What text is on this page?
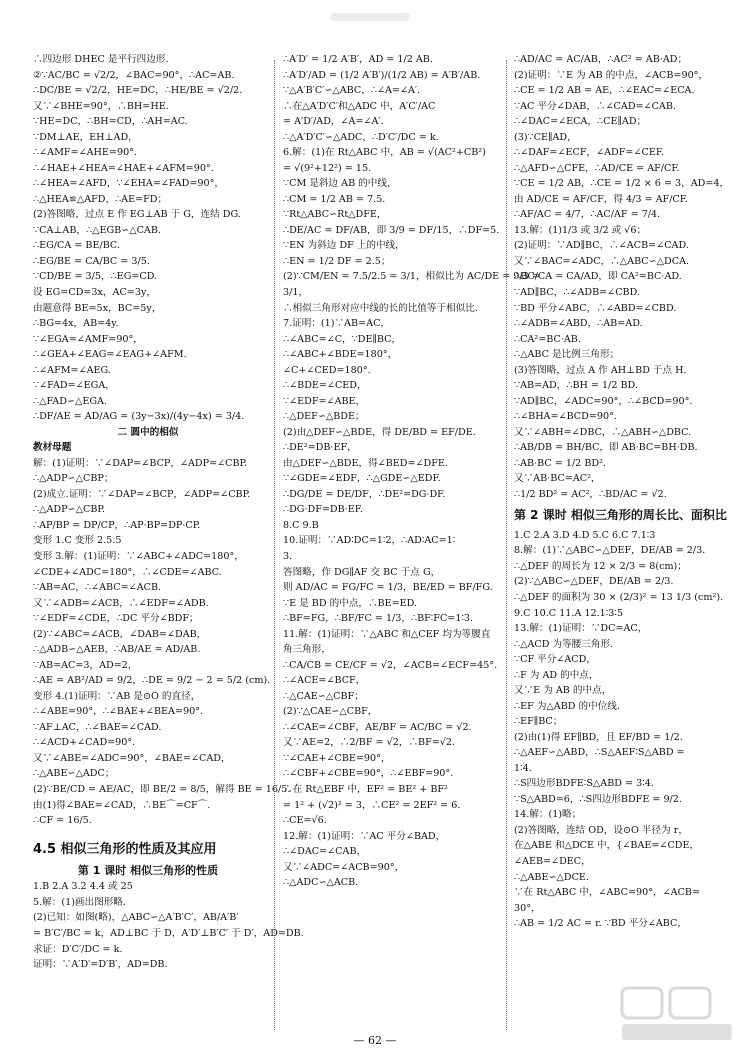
∴四边形 DHEC 是平行四边形.
②∵AC/BC = √2/2，∠BAC=90°，∴AC=AB.
∴DC/BE = √2/2，HE=DC，∴HE/BE = √2/2.
又∵∠BHE=90°，∴BH=HE.
∵HE=DC，∴BH=CD，∴AH=AC.
∵DM⊥AE，EH⊥AD，
∴∠AMF=∠AHE=90°.
∴∠HAE+∠HEA=∠HAE+∠AFM=90°.
∴∠HEA=∠AFD，∵∠EHA=∠FAD=90°，
∴△HEA≌△AFD，∴AE=FD；
(2)答图略，过点 E 作 EG⊥AB 于 G，连结 DG.
∵CA⊥AB，∴△EGB∽△CAB.
∴EG/CA = BE/BC.
∴EG/BE = CA/BC = 3/5.
∵CD/BE = 3/5，∴EG=CD.
设 EG=CD=3x，AC=3y，
由题意得 BE=5x，BC=5y，
∴BG=4x，AB=4y.
∵∠EGA=∠AMF=90°，
∴∠GEA+∠EAG=∠EAG+∠AFM.
∴∠AFM=∠AEG.
∵∠FAD=∠EGA，
∴△FAD∽△EGA.
∴DF/AE = AD/AG = (3y−3x)/(4y−4x) = 3/4.
二 圆中的相似
教材母题
解：(1)证明：∵∠DAP=∠BCP，∠ADP=∠CBP.
∴△ADP∽△CBP；
(2)成立.证明：∵∠DAP=∠BCP，∠ADP=∠CBP.
∴△ADP∽△CBP.
∴AP/BP = DP/CP，∴AP·BP=DP·CP.
变形 1.C 变形 2.5.5
变形 3.解：(1)证明：∵∠ABC+∠ADC=180°，
∠CDE+∠ADC=180°，∴∠CDE=∠ABC.
∵AB=AC，∴∠ABC=∠ACB.
又∵∠ADB=∠ACB，∴∠EDF=∠ADB.
∵∠EDF=∠CDE，∴DC 平分∠BDF；
(2)∵∠ABC=∠ACB，∠DAB=∠DAB，
∴△ADB∽△AEB，∴AB/AE = AD/AB.
∵AB=AC=3，AD=2，
∴AE = AB²/AD = 9/2，∴DE = 9/2 − 2 = 5/2 (cm).
变形 4.(1)证明：∵AB 是⊙O 的直径，
∴∠ABE=90°，∴∠BAE+∠BEA=90°.
∵AF⊥AC，∴∠BAE=∠CAD.
∴∠ACD+∠CAD=90°.
又∵∠ABE=∠ADC=90°，∠BAE=∠CAD，
∴△ABE∽△ADC；
(2)∵BE/CD = AE/AC，即 BE/2 = 8/5，解得 BE = 16/5.
由(1)得∠BAE=∠CAD，∴BE⌒=CF⌒.
∴CF = 16/5.
4.5 相似三角形的性质及其应用
第 1 课时 相似三角形的性质
1.B 2.A 3.2 4.4 或 25
5.解：(1)画出图形略.
(2)已知：如图(略)，△ABC∽△A′B′C′，AB/A′B′
= B′C′/BC = k，AD⊥BC 于 D，A′D′⊥B′C′ 于 D′，AD=DB.
求证：D′C′/DC = k.
证明：∵A′D′=D′B′，AD=DB.
∴A′D′ = 1/2 A′B′，AD = 1/2 AB.
∴A′D′/AD = (1/2 A′B′)/(1/2 AB) = A′B′/AB.
∵△A′B′C′∽△ABC，∴∠A=∠A′.
∴在△A′D′C′和△ADC 中，A′C′/AC
= A′D′/AD，∠A=∠A′.
∴△A′D′C′∽△ADC，∴D′C′/DC = k.
6.解：(1)在 Rt△ABC 中，AB = √(AC²+CB²)
= √(9²+12²) = 15.
∵CM 是斜边 AB 的中线，
∴CM = 1/2 AB = 7.5.
∵Rt△ABC∽Rt△DFE，
∴DE/AC = DF/AB，即 3/9 = DF/15，∴DF=5.
∵EN 为斜边 DF 上的中线，
∴EN = 1/2 DF = 2.5；
(2)∵CM/EN = 7.5/2.5 = 3/1，相似比为 AC/DE = 9/3 =
3/1，
∴相似三角形对应中线的长的比值等于相似比.
7.证明：(1)∵AB=AC，
∴∠ABC=∠C，∵DE∥BC，
∴∠ABC+∠BDE=180°，
∠C+∠CED=180°.
∴∠BDE=∠CED，
∵∠EDF=∠ABE，
∴△DEF∽△BDE；
(2)由△DEF∽△BDE，得 DE/BD = EF/DE.
∴DE²=DB·EF，
由△DEF∽△BDE，得∠BED=∠DFE.
∵∠GDE=∠EDF，∴△GDE∽△EDF.
∴DG/DE = DE/DF，∴DE²=DG·DF.
∴DG·DF=DB·EF.
8.C 9.B
10.证明：∵AD∶DC=1∶2，∴AD∶AC=1∶
3.
答图略，作 DG∥AF 交 BC 于点 G，
则 AD/AC = FG/FC = 1/3，BE/ED = BF/FG.
∵E 是 BD 的中点，∴BE=ED.
∴BF=FG，∴BF/FC = 1/3，∴BF∶FC=1∶3.
11.解：(1)证明：∵△ABC 和△CEF 均为等腰直
角三角形，
∴CA/CB = CE/CF = √2，∠ACB=∠ECF=45°.
∴∠ACE=∠BCF，
∴△CAE∽△CBF；
(2)∵△CAE∽△CBF，
∴∠CAE=∠CBF，AE/BF = AC/BC = √2.
又∵AE=2，∴2/BF = √2，∴BF=√2.
∵∠CAE+∠CBE=90°，
∴∠CBF+∠CBE=90°，∴∠EBF=90°.
∴在 Rt△EBF 中，EF² = BE² + BF²
= 1² + (√2)² = 3，∴CE² = 2EF² = 6.
∴CE=√6.
12.解：(1)证明：∵AC 平分∠BAD，
∴∠DAC=∠CAB，
又∵∠ADC=∠ACB=90°，
∴△ADC∽△ACB.
∴AD/AC = AC/AB，∴AC² = AB·AD；
(2)证明：∵E 为 AB 的中点，∠ACB=90°，
∴CE = 1/2 AB = AE，∴∠EAC=∠ECA.
∵AC 平分∠DAB，∴∠CAD=∠CAB.
∴∠DAC=∠ECA，∴CE∥AD；
(3)∵CE∥AD，
∴∠DAF=∠ECF，∠ADF=∠CEF.
∴△AFD∽△CFE，∴AD/CE = AF/CF.
∵CE = 1/2 AB，∴CE = 1/2 × 6 = 3，AD=4，
由 AD/CE = AF/CF，得 4/3 = AF/CF.
∴AF/AC = 4/7，∴AC/AF = 7/4.
13.解：(1)1/3 或 3/2 或 √6；
(2)证明：∵AD∥BC，∴∠ACB=∠CAD.
又∵∠BAC=∠ADC，∴△ABC∽△DCA.
∴BC/CA = CA/AD，即 CA²=BC·AD.
∵AD∥BC，∴∠ADB=∠CBD.
∵BD 平分∠ABC，∴∠ABD=∠CBD.
∴∠ADB=∠ABD，∴AB=AD.
∴CA²=BC·AB.
∴△ABC 是比例三角形；
(3)答图略，过点 A 作 AH⊥BD 于点 H.
∵AB=AD，∴BH = 1/2 BD.
∵AD∥BC，∠ADC=90°，∴∠BCD=90°.
∴∠BHA=∠BCD=90°.
又∵∠ABH=∠DBC，∴△ABH∽△DBC.
∴AB/DB = BH/BC，即 AB·BC=BH·DB.
∴AB·BC = 1/2 BD².
又∵AB·BC=AC²，
∴1/2 BD² = AC²，∴BD/AC = √2.
第 2 课时 相似三角形的周长比、面积比
1.C 2.A 3.D 4.D 5.C 6.C 7.1∶3
8.解：(1)∵△ABC∽△DEF，DE/AB = 2/3.
∴△DEF 的周长为 12 × 2/3 = 8(cm)；
(2)∵△ABC∽△DEF，DE/AB = 2/3.
∴△DEF 的面积为 30 × (2/3)² = 13 1/3 (cm²).
9.C 10.C 11.A 12.1∶3∶5
13.解：(1)证明：∵DC=AC，
∴△ACD 为等腰三角形.
∵CF 平分∠ACD，
∴F 为 AD 的中点，
又∵E 为 AB 的中点，
∴EF 为△ABD 的中位线.
∴EF∥BC；
(2)由(1)得 EF∥BD，且 EF/BD = 1/2.
∴△AEF∽△ABD，∴S△AEF∶S△ABD =
1∶4.
∴S四边形BDFE∶S△ABD = 3∶4.
∵S△ABD=6，∴S四边形BDFE = 9/2.
14.解：(1)略；
(2)答图略，连结 OD，设⊙O 半径为 r，
在△ABE 和△DCE 中，{∠BAE=∠CDE，
∠AEB=∠DEC，
∴△ABE∽△DCE.
∵在 Rt△ABC 中，∠ABC=90°，∠ACB=
30°，
∴AB = 1/2 AC = r. ∵BD 平分∠ABC，
— 62 —
